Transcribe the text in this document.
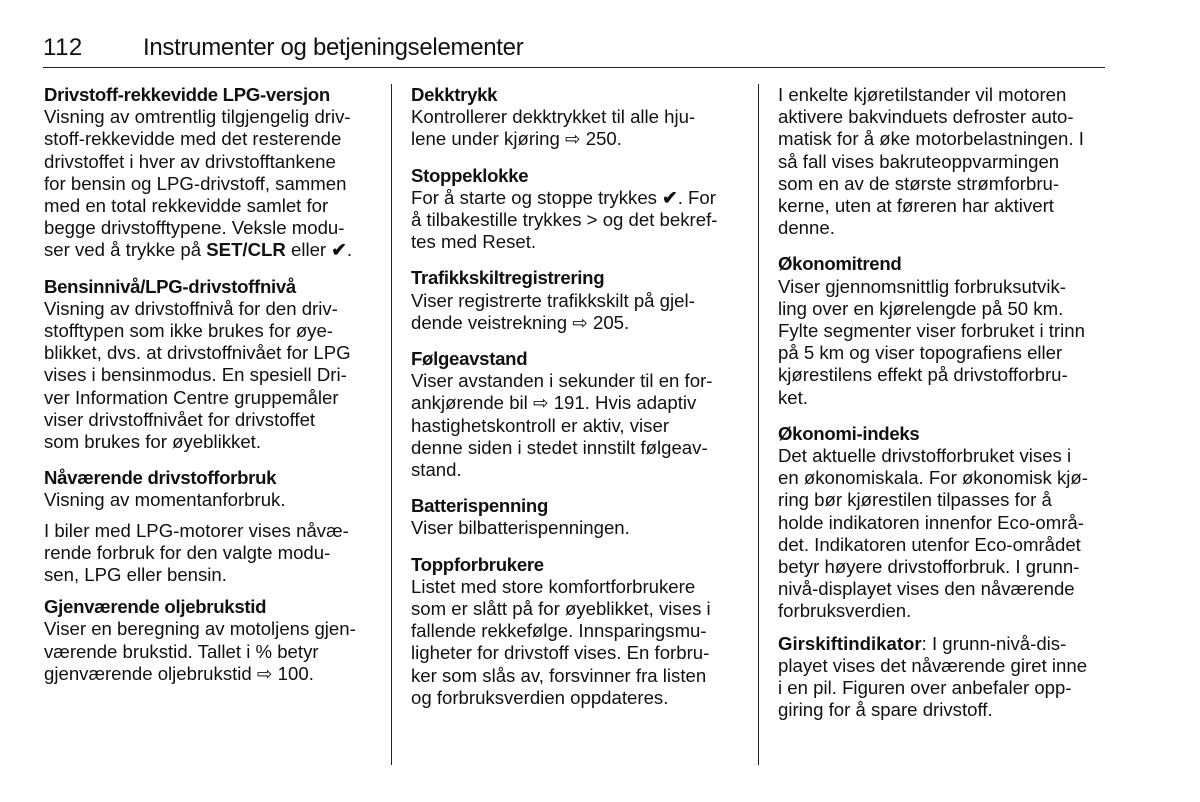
112	Instrumenter og betjeningselementer
Drivstoff-rekkevidde LPG-versjon

Visning av omtrentlig tilgjengelig driv-
stoff-rekkevidde med det resterende
drivstoffet i hver av drivstofftankene
for bensin og LPG-drivstoff, sammen
med en total rekkevidde samlet for
begge drivstofftypene. Veksle modu-
ser ved å trykke på SET/CLR eller ✔.

Bensinnivå/LPG-drivstoffnivå

Visning av drivstoffnivå for den driv-
stofftypen som ikke brukes for øye-
blikket, dvs. at drivstoffnivået for LPG
vises i bensinmodus. En spesiell Dri-
ver Information Centre gruppemåler
viser drivstoffnivået for drivstoffet
som brukes for øyeblikket.

Nåværende drivstofforbruk

Visning av momentanforbruk.

I biler med LPG-motorer vises nåvæ-
rende forbruk for den valgte modu-
sen, LPG eller bensin.

Gjenværende oljebrukstid

Viser en beregning av motoljens gjen-
værende brukstid. Tallet i % betyr
gjenværende oljebrukstid ⇨ 100.

Dekktrykk

Kontrollerer dekktrykket til alle hju-
lene under kjøring ⇨ 250.

Stoppeklokke

For å starte og stoppe trykkes ✔. For
å tilbakestille trykkes > og det bekref-
tes med Reset.

Trafikkskiltregistrering

Viser registrerte trafikkskilt på gjel-
dende veistrekning ⇨ 205.

Følgeavstand

Viser avstanden i sekunder til en for-
ankjørende bil ⇨ 191. Hvis adaptiv
hastighetskontroll er aktiv, viser
denne siden i stedet innstilt følgeav-
stand.

Batterispenning

Viser bilbatterispenningen.

Toppforbrukere

Listet med store komfortforbrukere
som er slått på for øyeblikket, vises i
fallende rekkefølge. Innsparingsmu-
ligheter for drivstoff vises. En forbru-
ker som slås av, forsvinner fra listen
og forbruksverdien oppdateres.

I enkelte kjøretilstander vil motoren
aktivere bakvinduets defroster auto-
matisk for å øke motorbelastningen. I
så fall vises bakruteoppvarmingen
som en av de største strømforbru-
kerne, uten at føreren har aktivert
denne.

Økonomitrend

Viser gjennomsnittlig forbruksutvik-
ling over en kjørelengde på 50 km.
Fylte segmenter viser forbruket i trinn
på 5 km og viser topografiens eller
kjørestilens effekt på drivstofforbru-
ket.

Økonomi-indeks

Det aktuelle drivstofforbruket vises i
en økonomiskala. For økonomisk kjø-
ring bør kjørestilen tilpasses for å
holde indikatoren innenfor Eco-områ-
det. Indikatoren utenfor Eco-området
betyr høyere drivstofforbruk. I grunn-
nivå-displayet vises den nåværende
forbruksverdien.

Girskiftindikator: I grunn-nivå-dis-
playet vises det nåværende giret inne
i en pil. Figuren over anbefaler opp-
giring for å spare drivstoff.
